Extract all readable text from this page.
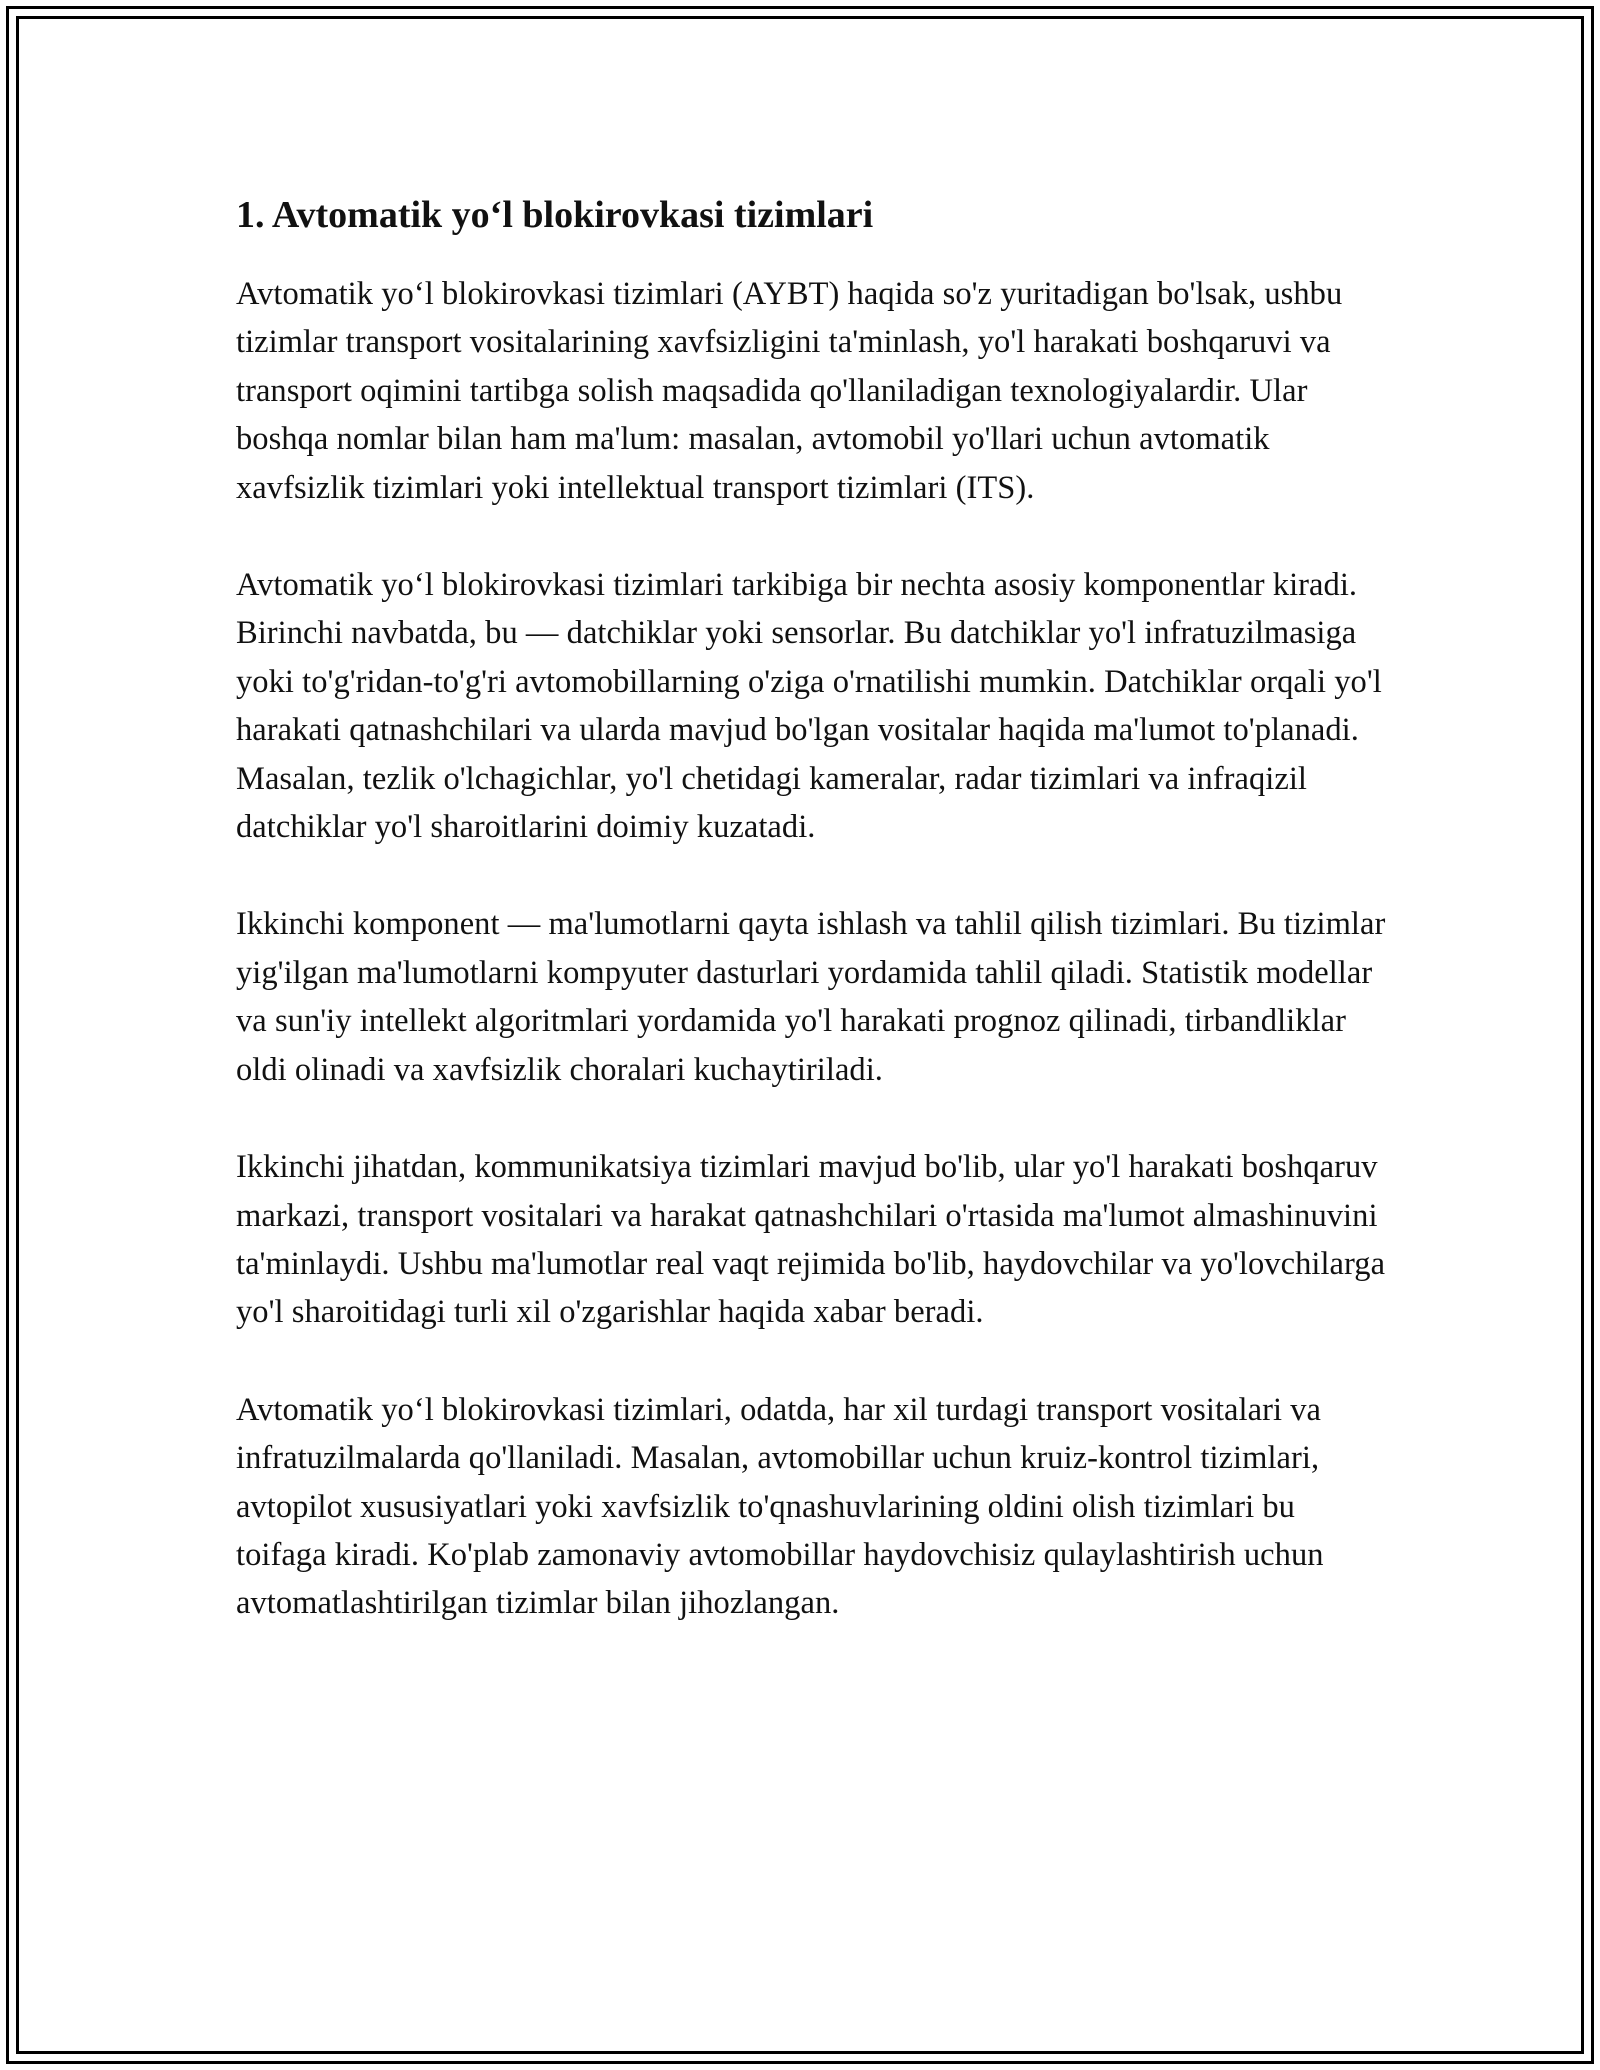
1. Avtomatik yo‘l blokirovkasi tizimlari

Avtomatik yo‘l blokirovkasi tizimlari (AYBT) haqida so'z yuritadigan bo'lsak, ushbu tizimlar transport vositalarining xavfsizligini ta'minlash, yo'l harakati boshqaruvi va transport oqimini tartibga solish maqsadida qo'llaniladigan texnologiyalardir. Ular boshqa nomlar bilan ham ma'lum: masalan, avtomobil yo'llari uchun avtomatik xavfsizlik tizimlari yoki intellektual transport tizimlari (ITS).

Avtomatik yo‘l blokirovkasi tizimlari tarkibiga bir nechta asosiy komponentlar kiradi. Birinchi navbatda, bu — datchiklar yoki sensorlar. Bu datchiklar yo'l infratuzilmasiga yoki to'g'ridan-to'g'ri avtomobillarning o'ziga o'rnatilishi mumkin. Datchiklar orqali yo'l harakati qatnashchilari va ularda mavjud bo'lgan vositalar haqida ma'lumot to'planadi. Masalan, tezlik o'lchagichlar, yo'l chetidagi kameralar, radar tizimlari va infraqizil datchiklar yo'l sharoitlarini doimiy kuzatadi.

Ikkinchi komponent — ma'lumotlarni qayta ishlash va tahlil qilish tizimlari. Bu tizimlar yig'ilgan ma'lumotlarni kompyuter dasturlari yordamida tahlil qiladi. Statistik modellar va sun'iy intellekt algoritmlari yordamida yo'l harakati prognoz qilinadi, tirbandliklar oldi olinadi va xavfsizlik choralari kuchaytiriladi.

Ikkinchi jihatdan, kommunikatsiya tizimlari mavjud bo'lib, ular yo'l harakati boshqaruv markazi, transport vositalari va harakat qatnashchilari o'rtasida ma'lumot almashinuvini ta'minlaydi. Ushbu ma'lumotlar real vaqt rejimida bo'lib, haydovchilar va yo'lovchilarga yo'l sharoitidagi turli xil o'zgarishlar haqida xabar beradi.

Avtomatik yo‘l blokirovkasi tizimlari, odatda, har xil turdagi transport vositalari va infratuzilmalarda qo'llaniladi. Masalan, avtomobillar uchun kruiz-kontrol tizimlari, avtopilot xususiyatlari yoki xavfsizlik to'qnashuvlarining oldini olish tizimlari bu toifaga kiradi. Ko'plab zamonaviy avtomobillar haydovchisiz qulaylashtirish uchun avtomatlashtirilgan tizimlar bilan jihozlangan.
